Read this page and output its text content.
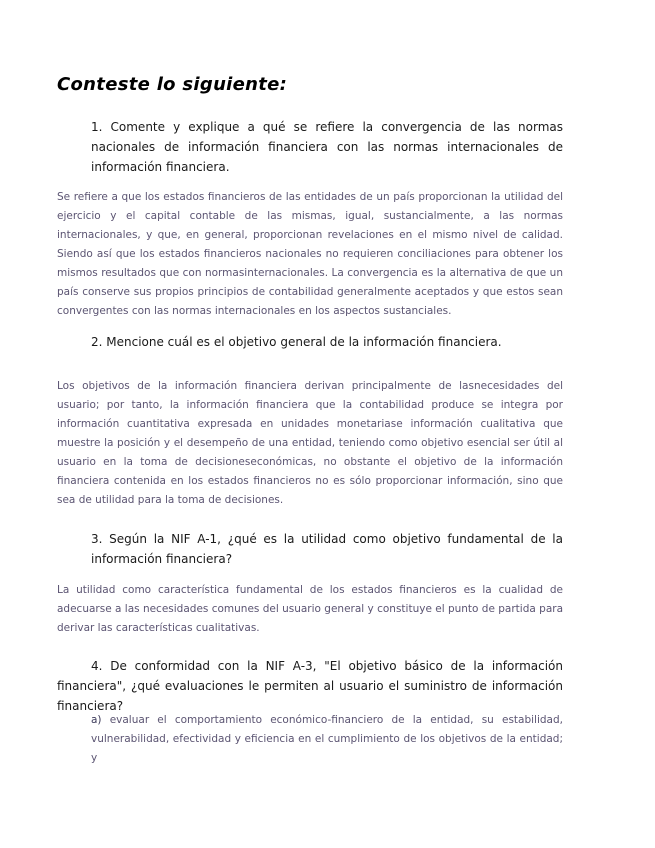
Conteste lo siguiente:
1. Comente y explique a qué se refiere la convergencia de las normas nacionales de información financiera con las normas internacionales de información financiera.
Se refiere a que los estados financieros de las entidades de un país proporcionan la utilidad del ejercicio y el capital contable de las mismas, igual, sustancialmente, a las normas internacionales, y que, en general, proporcionan revelaciones en el mismo nivel de calidad. Siendo así que los estados financieros nacionales no requieren conciliaciones para obtener los mismos resultados que con normasinternacionales. La convergencia es la alternativa de que un país conserve sus propios principios de contabilidad generalmente aceptados y que estos sean convergentes con las normas internacionales en los aspectos sustanciales.
2. Mencione cuál es el objetivo general de la información financiera.
Los objetivos de la información financiera derivan principalmente de lasnecesidades del usuario; por tanto, la información financiera que la contabilidad produce se integra por información cuantitativa expresada en unidades monetariase información cualitativa que muestre la posición y el desempeño de una entidad, teniendo como objetivo esencial ser útil al usuario en la toma de decisioneseconómicas, no obstante el objetivo de la información financiera contenida en los estados financieros no es sólo proporcionar información, sino que sea de utilidad para la toma de decisiones.
3. Según la NIF A-1, ¿qué es la utilidad como objetivo fundamental de la información financiera?
La utilidad como característica fundamental de los estados financieros es la cualidad de adecuarse a las necesidades comunes del usuario general y constituye el punto de partida para derivar las características cualitativas.
4. De conformidad con la NIF A-3, "El objetivo básico de la información financiera", ¿qué evaluaciones le permiten al usuario el suministro de información financiera?
a) evaluar el comportamiento económico-financiero de la entidad, su estabilidad, vulnerabilidad, efectividad y eficiencia en el cumplimiento de los objetivos de la entidad; y
